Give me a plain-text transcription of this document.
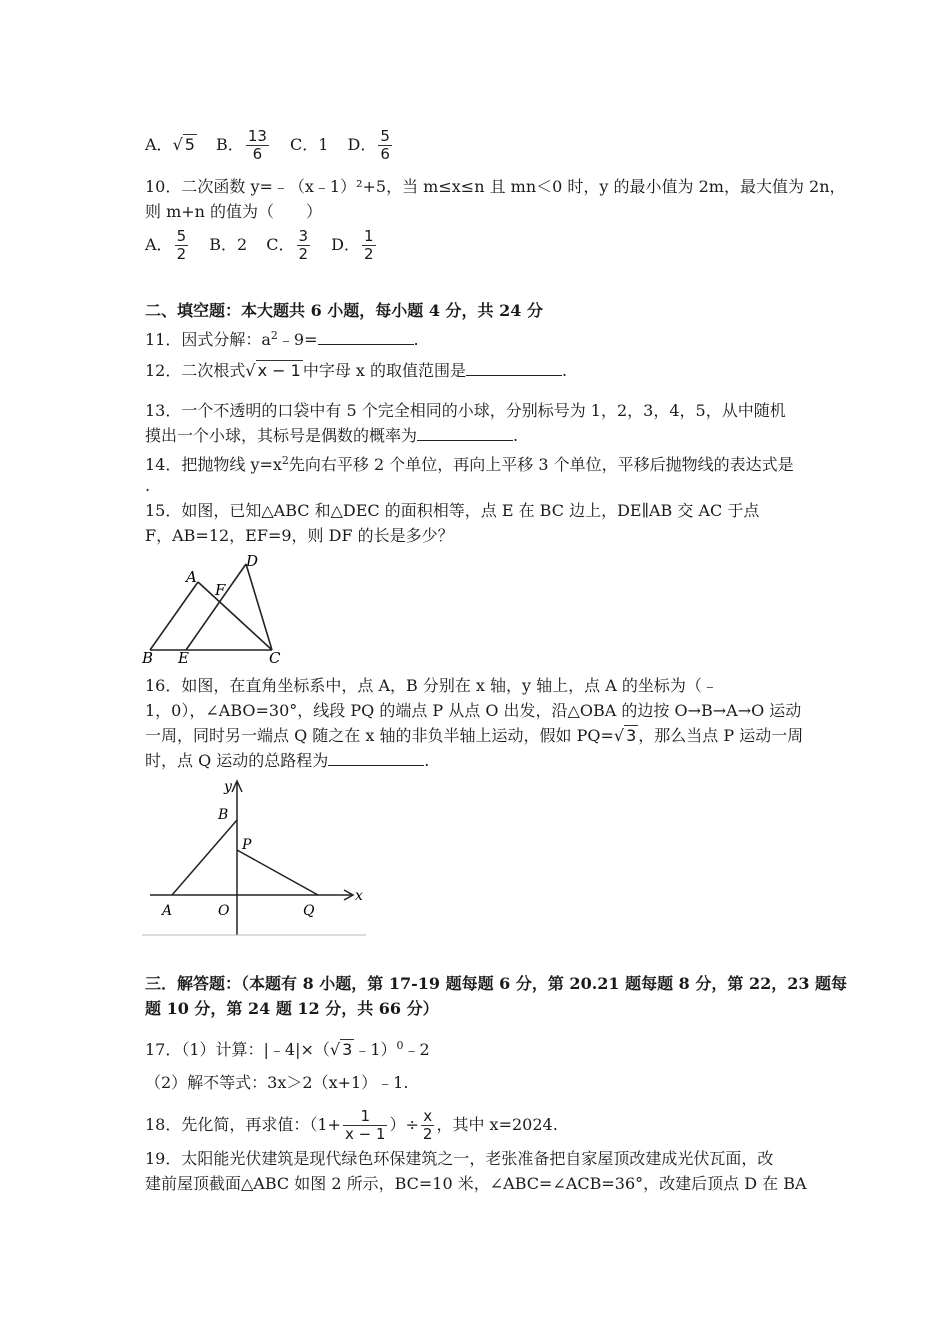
A．√ 5 B． $\frac{13}{6}$ C．1 D． $\frac{5}{6}$
10．二次函数 y=﹣（x﹣1）²+5，当 m≤x≤n 且 mn＜0 时，y 的最小值为 2m，最大值为 2n，
则 m+n 的值为（　　）
A． $\frac{5}{2}$ B．2 C． $\frac{3}{2}$ D． $\frac{1}{2}$
二、填空题：本大题共 6 小题，每小题 4 分，共 24 分
11．因式分解：$a^2﹣9=$	.
12．二次根式√ x − 1 中字母 x 的取值范围是	.
13．一个不透明的口袋中有 5 个完全相同的小球，分别标号为 1，2，3，4，5，从中随机
摸出一个小球，其标号是偶数的概率为	.
14．把抛物线 $y=x^2$先向右平移 2 个单位，再向上平移 3 个单位，平移后抛物线的表达式是
.
15．如图，已知△ABC 和△DEC 的面积相等，点 E 在 BC 边上，DE∥AB 交 AC 于点
F，AB=12，EF=9，则 DF 的长是多少？
A
B	C
D
E
F
16．如图，在直角坐标系中，点 A，B 分别在 x 轴，y 轴上，点 A 的坐标为（﹣
1，0），∠ABO=30°，线段 PQ 的端点 P 从点 O 出发，沿△OBA 的边按 O→B→A→O 运动
一周，同时另一端点 Q 随之在 x 轴的非负半轴上运动，假如 PQ=√ 3 ，那么当点 P 运动一周
时，点 Q 运动的总路程为	.
y
x
B
P
A	O	Q
三．解答题：（本题有 8 小题，第 17-19 题每题 6 分，第 20.21 题每题 8 分，第 22，23 题每
题 10 分，第 24 题 12 分，共 66 分）
17．（1）计算：|﹣4|×（√ 3 ﹣1）$^0$﹣2
（2）解不等式：3x＞2（x+1）﹣1.
18．先化简，再求值：（$1+ \frac{1}{x - 1}$ ）÷ $\frac{x}{2}$ ，其中 x=2024.
19．太阳能光伏建筑是现代绿色环保建筑之一，老张准备把自家屋顶改建成光伏瓦面，改
建前屋顶截面△ABC 如图 2 所示，BC=10 米，∠ABC=∠ACB=36°，改建后顶点 D 在 BA
